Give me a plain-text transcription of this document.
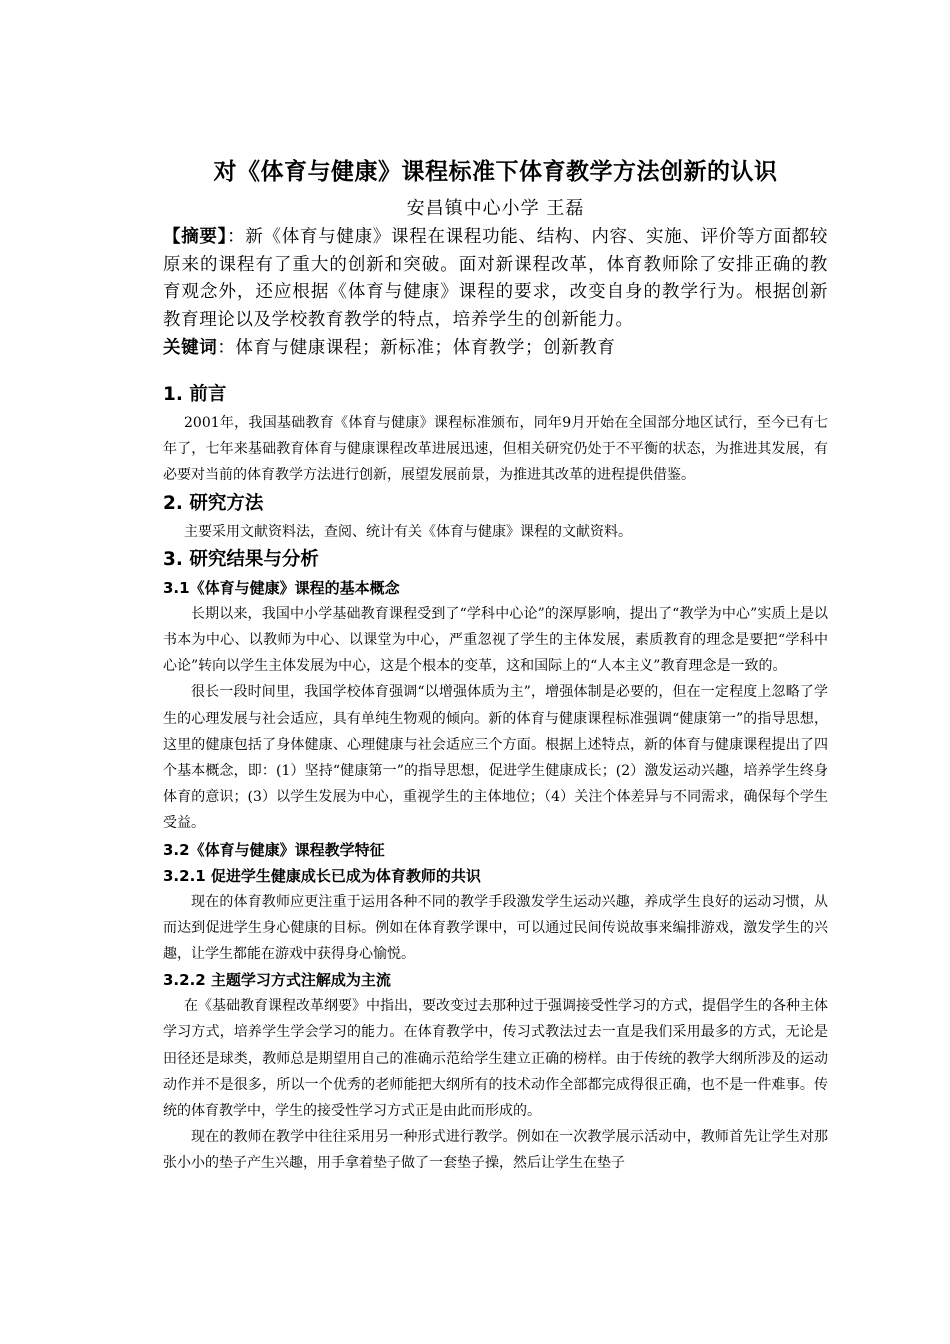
对《体育与健康》课程标准下体育教学方法创新的认识
安昌镇中心小学 王磊

【摘要】：新《体育与健康》课程在课程功能、结构、内容、实施、评价等方面都较原来的课程有了重大的创新和突破。面对新课程改革，体育教师除了安排正确的教育观念外，还应根据《体育与健康》课程的要求，改变自身的教学行为。根据创新教育理论以及学校教育教学的特点，培养学生的创新能力。

关键词：体育与健康课程；新标准；体育教学；创新教育

1. 前言

2001年，我国基础教育《体育与健康》课程标准颁布，同年9月开始在全国部分地区试行，至今已有七年了，七年来基础教育体育与健康课程改革进展迅速，但相关研究仍处于不平衡的状态，为推进其发展，有必要对当前的体育教学方法进行创新，展望发展前景，为推进其改革的进程提供借鉴。

2. 研究方法

主要采用文献资料法，查阅、统计有关《体育与健康》课程的文献资料。

3. 研究结果与分析
3.1《体育与健康》课程的基本概念

长期以来，我国中小学基础教育课程受到了“学科中心论”的深厚影响，提出了“教学为中心”实质上是以书本为中心、以教师为中心、以课堂为中心，严重忽视了学生的主体发展，素质教育的理念是要把“学科中心论”转向以学生主体发展为中心，这是个根本的变革，这和国际上的“人本主义”教育理念是一致的。

很长一段时间里，我国学校体育强调“以增强体质为主”，增强体制是必要的，但在一定程度上忽略了学生的心理发展与社会适应，具有单纯生物观的倾向。新的体育与健康课程标准强调“健康第一”的指导思想，这里的健康包括了身体健康、心理健康与社会适应三个方面。根据上述特点，新的体育与健康课程提出了四个基本概念，即：(1）坚持“健康第一”的指导思想，促进学生健康成长；(2）激发运动兴趣，培养学生终身体育的意识；(3）以学生发展为中心，重视学生的主体地位；（4）关注个体差异与不同需求，确保每个学生受益。

3.2《体育与健康》课程教学特征
3.2.1 促进学生健康成长已成为体育教师的共识

现在的体育教师应更注重于运用各种不同的教学手段激发学生运动兴趣，养成学生良好的运动习惯，从而达到促进学生身心健康的目标。例如在体育教学课中，可以通过民间传说故事来编排游戏，激发学生的兴趣，让学生都能在游戏中获得身心愉悦。

3.2.2 主题学习方式注解成为主流

在《基础教育课程改革纲要》中指出，要改变过去那种过于强调接受性学习的方式，提倡学生的各种主体学习方式，培养学生学会学习的能力。在体育教学中，传习式教法过去一直是我们采用最多的方式，无论是田径还是球类，教师总是期望用自己的准确示范给学生建立正确的榜样。由于传统的教学大纲所涉及的运动动作并不是很多，所以一个优秀的老师能把大纲所有的技术动作全部都完成得很正确，也不是一件难事。传统的体育教学中，学生的接受性学习方式正是由此而形成的。

现在的教师在教学中往往采用另一种形式进行教学。例如在一次教学展示活动中，教师首先让学生对那张小小的垫子产生兴趣，用手拿着垫子做了一套垫子操，然后让学生在垫子
